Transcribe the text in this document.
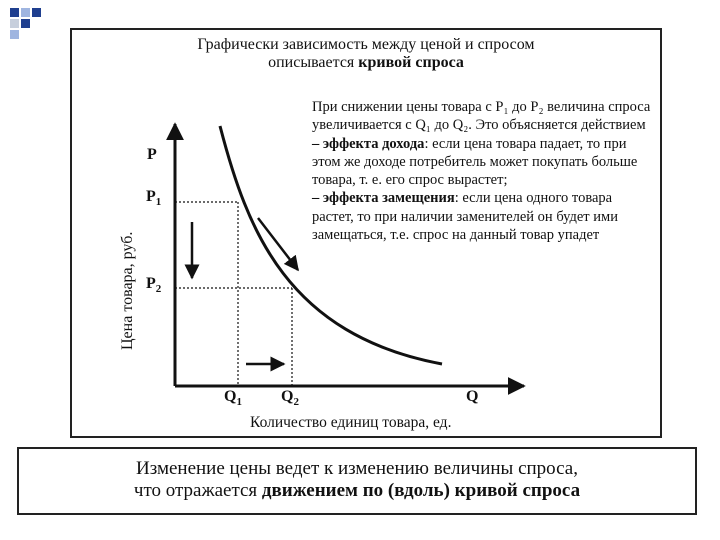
Графически зависимость между ценой и спросом
описывается кривой спроса
P
$P_1$
$P_2$
$Q_1$ $Q_2$	Q
Цена товара, руб.
Количество единиц товара, ед.

При снижении цены товара с P₁ до P₂ величина спроса увеличивается с Q₁ до Q₂. Это объясняется действием

– эффекта дохода: если цена товара падает, то при этом же доходе потребитель может покупать больше товара, т. е. его спрос вырастет;

– эффекта замещения: если цена одного товара растет, то при наличии заменителей он будет ими замещаться, т.е. спрос на данный товар упадет

Изменение цены ведет к изменению величины спроса,
что отражается движением по (вдоль) кривой спроса
